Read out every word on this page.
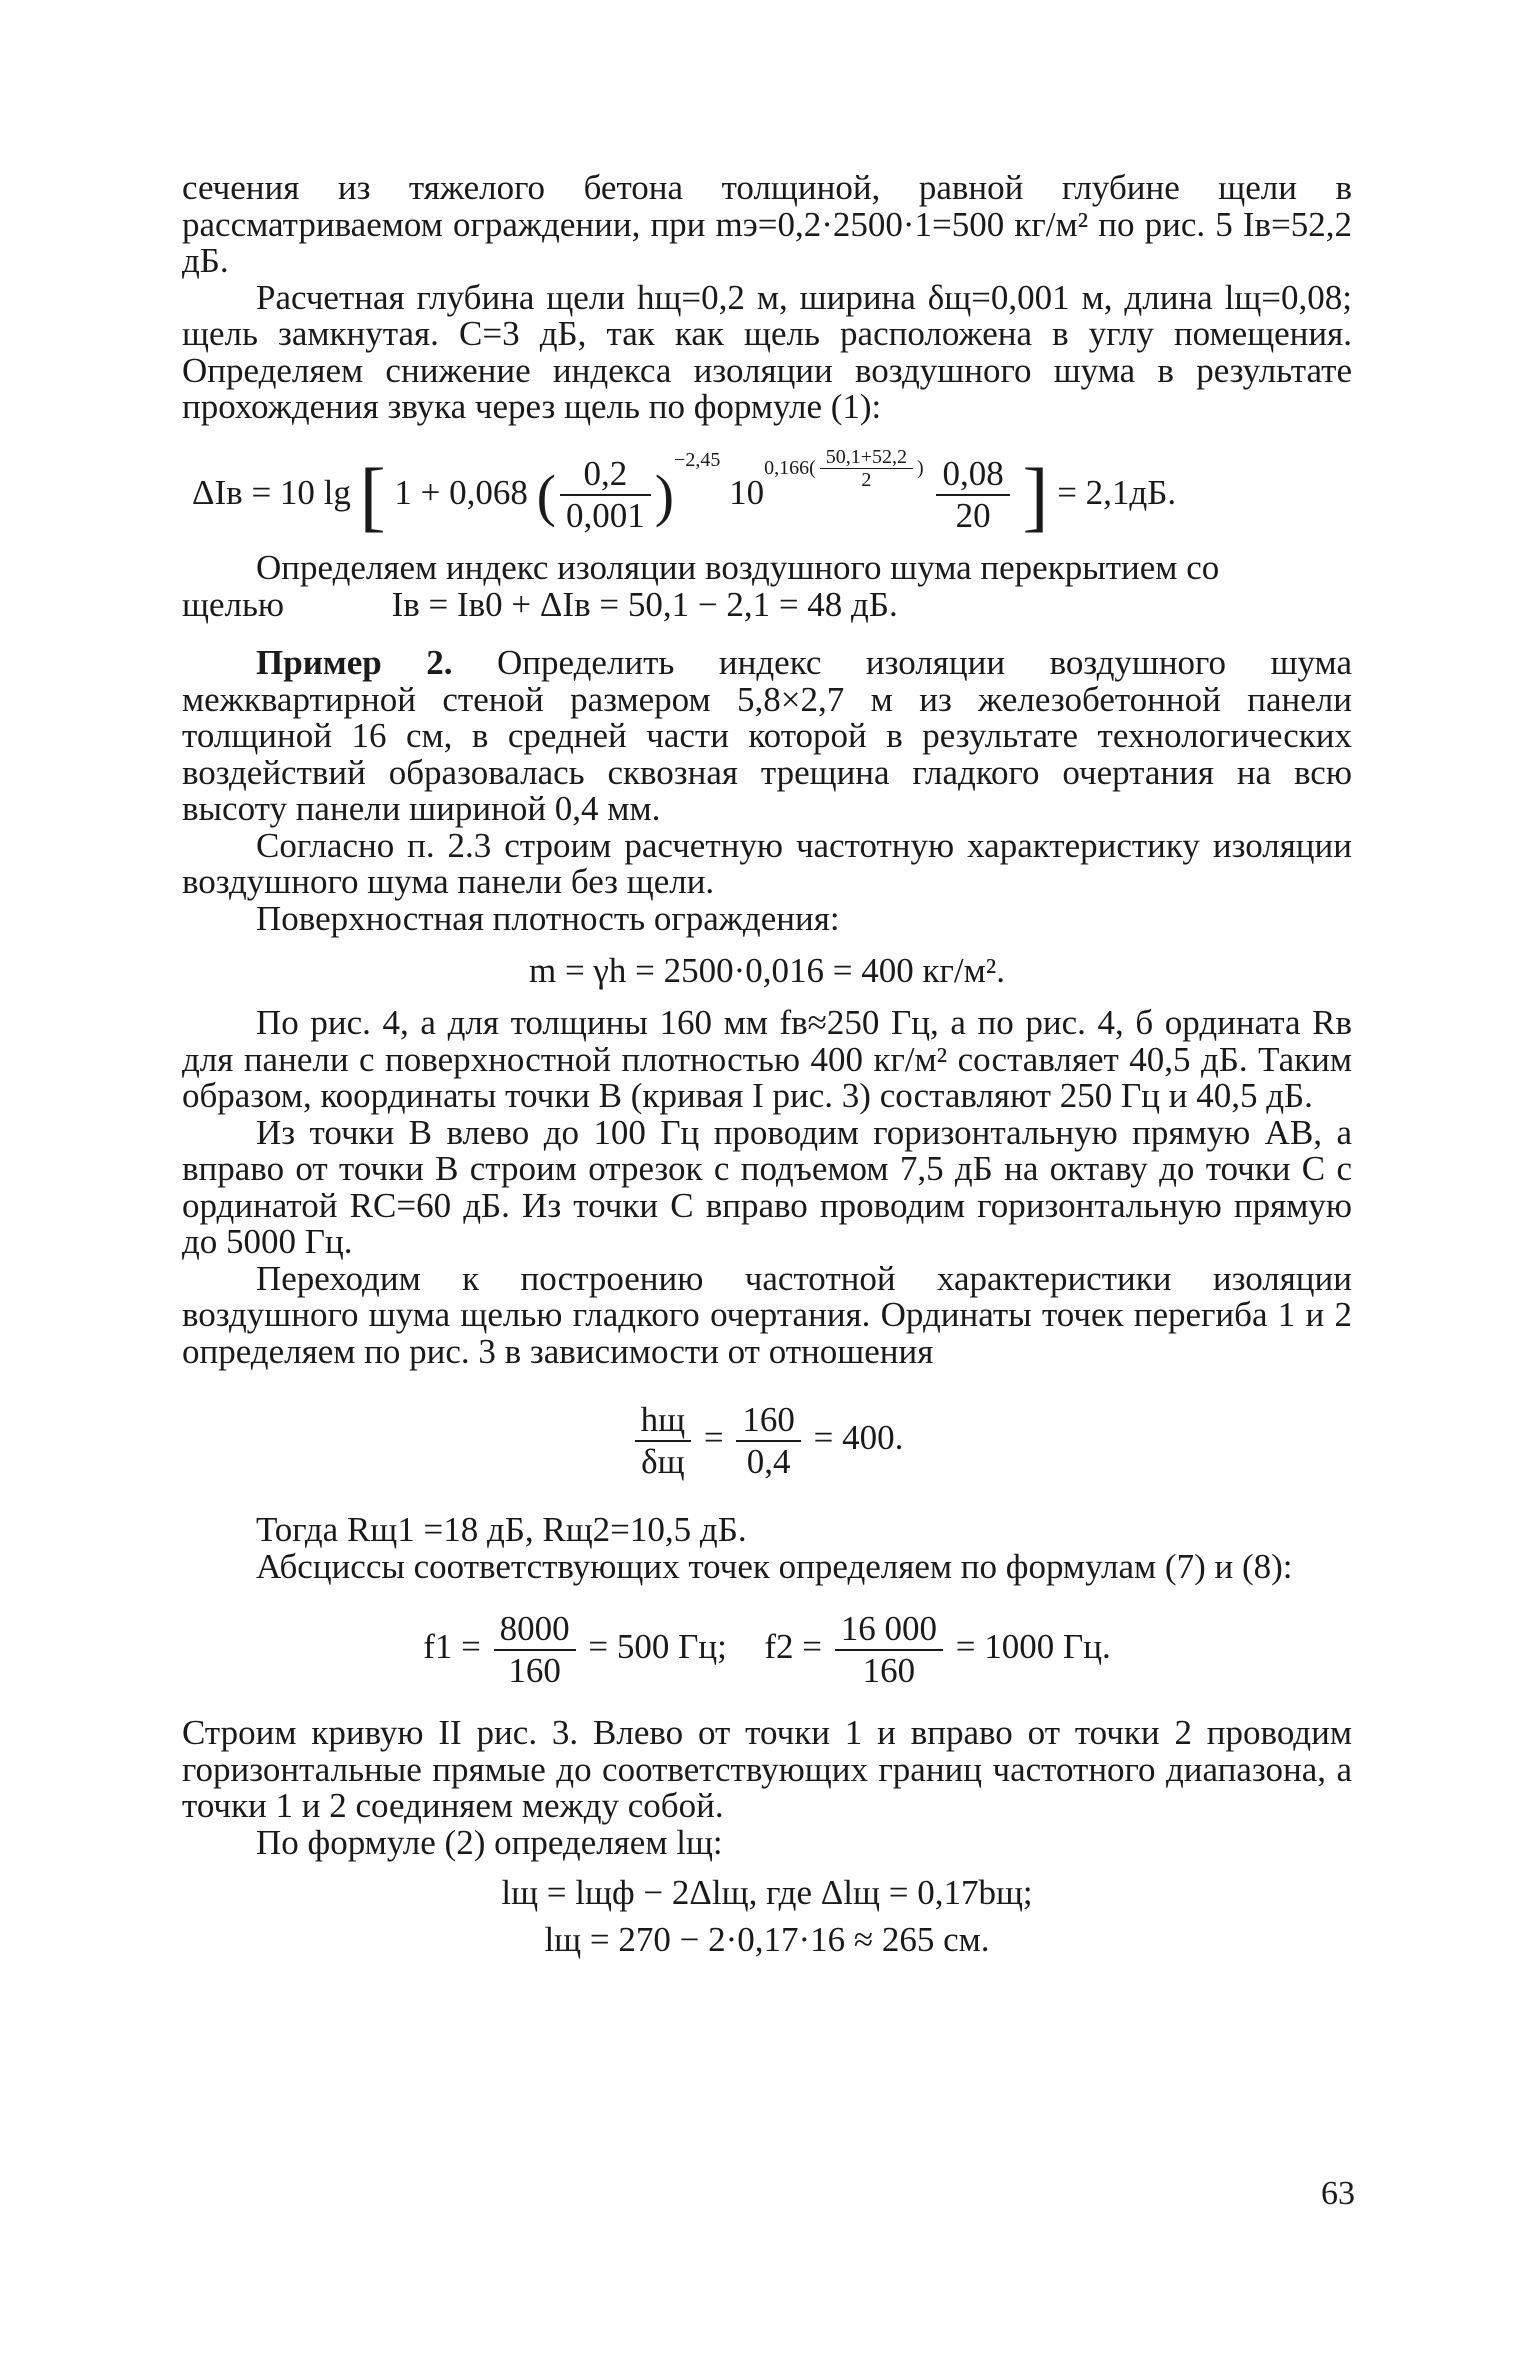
сечения из тяжелого бетона толщиной, равной глубине щели в рассматриваемом ограждении, при mэ=0,2·2500·1=500 кг/м² по рис. 5 Iв=52,2 дБ.

Расчетная глубина щели hщ=0,2 м, ширина δщ=0,001 м, длина lщ=0,08; щель замкнутая. C=3 дБ, так как щель расположена в углу помещения. Определяем снижение индекса изоляции воздушного шума в результате прохождения звука через щель по формуле (1):

ΔIв = 10 lg [ 1 + 0,068 ( $\frac{0,2}{0,001} )^{-2,45}$ $10^{0,166( \frac{50,1+52,2}{2} )} \frac{0,08}{20}$ ] = 2,1дБ.

Определяем индекс изоляции воздушного шума перекрытием со

щелью	Iв = Iв0 + ΔIв = 50,1 − 2,1 = 48 дБ.

Пример 2. Определить индекс изоляции воздушного шума межквартирной стеной размером 5,8×2,7 м из железобетонной панели толщиной 16 см, в средней части которой в результате технологических воздействий образовалась сквозная трещина гладкого очертания на всю высоту панели шириной 0,4 мм.

Согласно п. 2.3 строим расчетную частотную характеристику изоляции воздушного шума панели без щели.

Поверхностная плотность ограждения:

m = γh = 2500·0,016 = 400 кг/м².

По рис. 4, а для толщины 160 мм fв≈250 Гц, а по рис. 4, б ордината Rв для панели с поверхностной плотностью 400 кг/м² составляет 40,5 дБ. Таким образом, координаты точки B (кривая I рис. 3) составляют 250 Гц и 40,5 дБ.

Из точки B влево до 100 Гц проводим горизонтальную прямую AB, а вправо от точки B строим отрезок с подъемом 7,5 дБ на октаву до точки C с ординатой RC=60 дБ. Из точки C вправо проводим горизонтальную прямую до 5000 Гц.

Переходим к построению частотной характеристики изоляции воздушного шума щелью гладкого очертания. Ординаты точек перегиба 1 и 2 определяем по рис. 3 в зависимости от отношения

$\frac{hщ}{\delta щ} = \frac{160}{0,4} = 400$.

Тогда Rщ1 =18 дБ, Rщ2=10,5 дБ.

Абсциссы соответствующих точек определяем по формулам (7) и (8):

$f1 = \frac{8000}{160} = 500$ Гц; $f2 = \frac{16 000}{160} = 1000$ Гц.

Строим кривую II рис. 3. Влево от точки 1 и вправо от точки 2 проводим горизонтальные прямые до соответствующих границ частотного диапазона, а точки 1 и 2 соединяем между собой.

По формуле (2) определяем lщ:

lщ = lщф − 2Δlщ, где Δlщ = 0,17bщ;

lщ = 270 − 2·0,17·16 ≈ 265 см.

63
